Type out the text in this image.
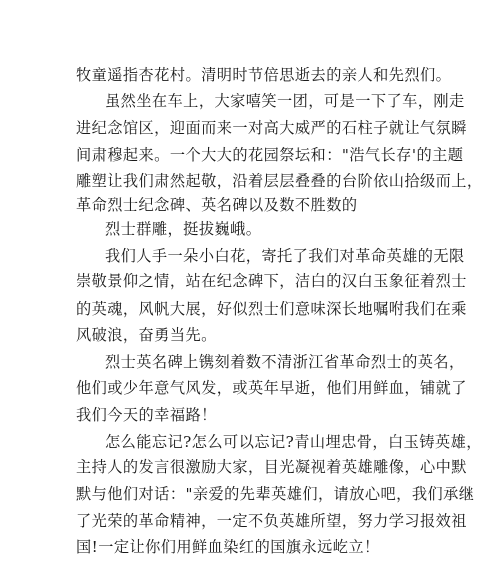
牧童遥指杏花村。清明时节倍思逝去的亲人和先烈们。
虽然坐在车上，大家嘻笑一团，可是一下了车，刚走
进纪念馆区，迎面而来一对高大威严的石柱子就让气氛瞬
间肃穆起来。一个大大的花园祭坛和："浩气长存'的主题
雕塑让我们肃然起敬，沿着层层叠叠的台阶依山拾级而上，
革命烈士纪念碑、英名碑以及数不胜数的
烈士群雕，挺拔巍峨。
我们人手一朵小白花，寄托了我们对革命英雄的无限
崇敬景仰之情，站在纪念碑下，洁白的汉白玉象征着烈士
的英魂，风帆大展，好似烈士们意味深长地嘱咐我们在乘
风破浪，奋勇当先。
烈士英名碑上镌刻着数不清浙江省革命烈士的英名，
他们或少年意气风发，或英年早逝，他们用鲜血，铺就了
我们今天的幸福路！
怎么能忘记?怎么可以忘记?青山埋忠骨，白玉铸英雄，
主持人的发言很激励大家，目光凝视着英雄雕像，心中默
默与他们对话："亲爱的先辈英雄们，请放心吧，我们承继
了光荣的革命精神，一定不负英雄所望，努力学习报效祖
国!一定让你们用鲜血染红的国旗永远屹立！
